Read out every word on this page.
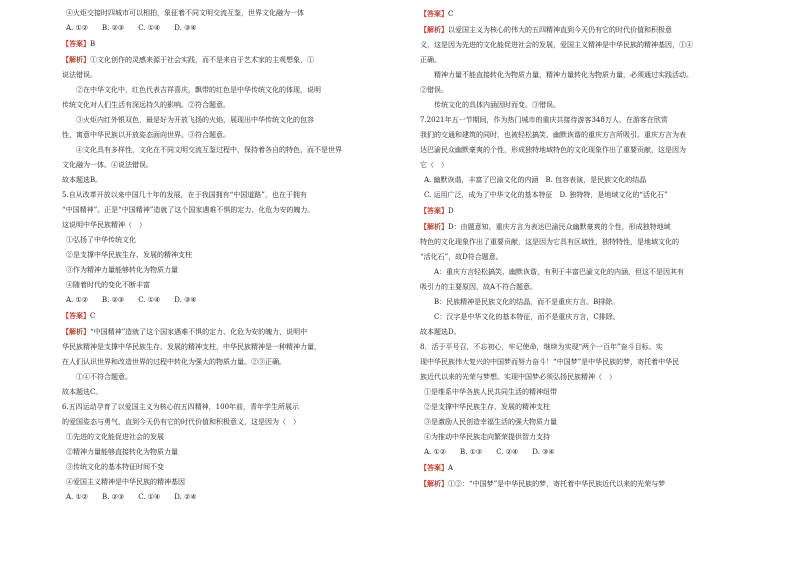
④火炬交接时四城市可以相拍，象征着不同文明交流互鉴，世界文化融为一体

A. ①②　　B. ②③　　C. ①④　　D. ③④

【答案】B

【解析】①文化创作的灵感来源于社会实践，而不是来自于艺术家的主观想象，①

说法错误。

②在中华文化中，红色代表吉祥喜庆，飘带的红色是中华传统文化的体现，说明

传统文化对人们生活有深远持久的影响。②符合题意。

③火炬内红外银双色，最是好为开放飞扬的火焰，展现出中华传统文化的包容

性，寓意中华民族以开放姿态面向世界。③符合题意。

④文化具有多样性，文化在不同文明交流互鉴过程中，保持着各自的特色，而不是世界

文化融为一体。④说法错误。

故本题选B。

5.自从改革开放以来中国几十年的发展，在于我国拥有“中国道路”，也在于拥有

“中国精神”。正是“中国精神”造就了这个国家遇难不惧的定力、化危为安的魄力。

这说明中华民族精神（　）

①弘扬了中华传统文化

②是支撑中华民族生存、发展的精神支柱

③作为精神力量能够转化为物质力量

④随着时代的变化不断丰富

A. ①②　　B. ②③　　C. ①④　　D. ③④

【答案】C

【解析】“中国精神”造就了这个国家遇难不惧的定力、化危为安的魄力，说明中

华民族精神是支撑中华民族生存、发展的精神支柱，中华民族精神是一种精神力量，

在人们认识世界和改造世界的过程中转化为强大的物质力量。②③正确。

①④不符合题意。

故本题选C。

6.五四运动孕育了以爱国主义为核心的五四精神，100年前，青年学生所展示

的爱国姿态与勇气，直到今天仍有它的时代价值和积极意义，这是因为（　）

①先进的文化能促进社会的发展

②精神力量能够直接转化为物质力量

③传统文化的基本特征时间不变

④爱国主义精神是中华民族的精神基因

A. ①②　　B. ②③　　C. ①④　　D. ②④

【答案】C

【解析】以爱国主义为核心的伟大的五四精神直到今天仍有它的时代价值和积极意

义，这是因为先进的文化能促进社会的发展，爱国主义精神是中华民族的精神基因，①④

正确。

精神力量不能直接转化为物质力量，精神力量转化为物质力量，必须通过实践活动。

②错误。

传统文化的具体内涵因时而变。③错误。

7.2021年五一节期间，作为热门城市的重庆共接待游客348万人，在游客在欣赏

我们的交通和建筑的同时，也被轻松搞笑、幽默诙谐的重庆方言所吸引。重庆方言为表

达巴渝民众幽默豪爽的个性，形成独特地域特色的文化现象作出了重要贡献，这是因为

它（　）

A. 幽默诙谐，丰富了巴渝文化的内涵　B. 包容表演，是民族文化的结晶

C. 运用广泛，成为了中华文化的基本特征　D. 独特特，是地域文化的“活化石”

【答案】D

【解析】D：由题意知，重庆方言为表达巴渝民众幽默豪爽的个性，形成独特地域

特色的文化现象作出了重要贡献，这是因为它具有区域性，独特特性，是地域文化的

“活化石”，故D符合题意。

A：重庆方言轻松搞笑、幽默诙谐，有利于丰富巴渝文化的内涵，但这不是因其有

吸引力的主要原因，故A不符合题意。

B：民族精神是民族文化的结晶，而不是重庆方言。B排除。

C：汉字是中华文化的基本特征，而不是重庆方言，C排除。

故本题选D。

8．活于平号召，不忘初心，牢记使命，继续为实现“两个一百年”奋斗目标、实

现中华民族伟大复兴的中国梦而努力奋斗！“中国梦”是中华民族的梦，寄托着中华民

族近代以来的光荣与梦想。实现中国梦必须弘扬民族精神（　）

①是维系中华各族人民共同生活的精神纽带

②是支撑中华民族生存、发展的精神支柱

③是激励人民创造幸福生活的强大物质力量

④为推动中华民族走向繁荣提供智力支持

A. ①②　　B. ①③　　C. ②④　　D. ③④

【答案】A

【解析】①②：“中国梦”是中华民族的梦，寄托着中华民族近代以来的光荣与梦
